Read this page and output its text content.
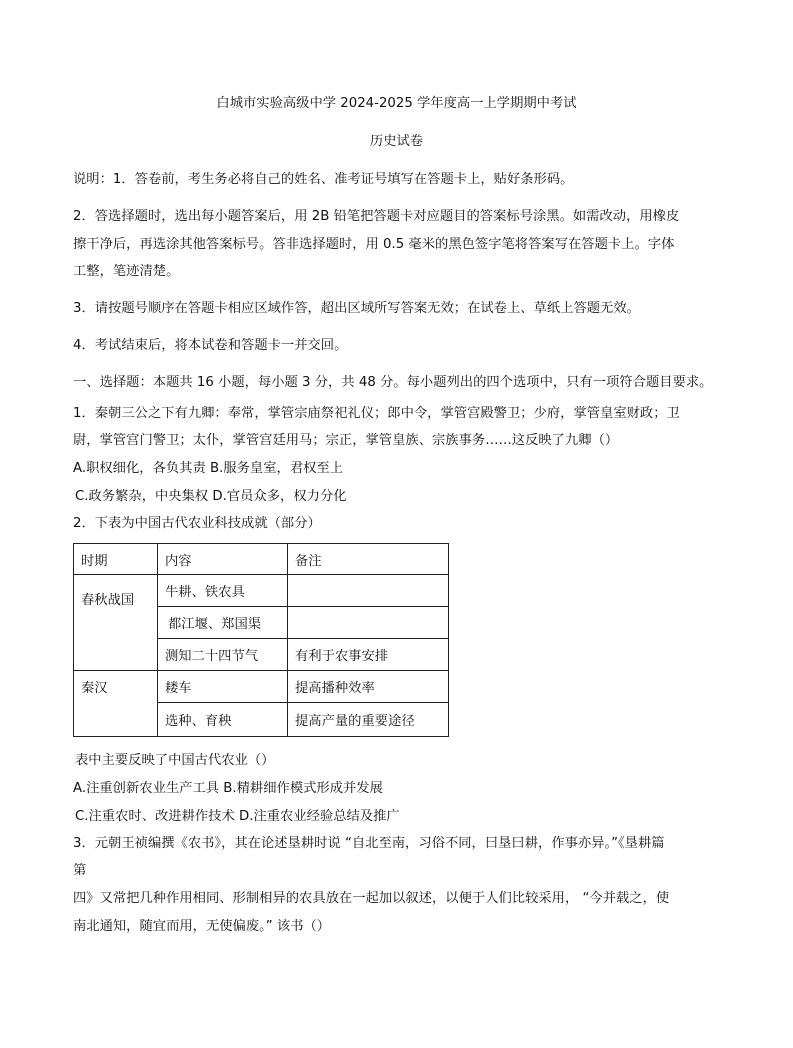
白城市实验高级中学 2024-2025 学年度高一上学期期中考试
历史试卷
说明：1．答卷前，考生务必将自己的姓名、准考证号填写在答题卡上，贴好条形码。
2．答选择题时，选出每小题答案后，用 2B 铅笔把答题卡对应题目的答案标号涂黑。如需改动，用橡皮
擦干净后，再选涂其他答案标号。答非选择题时，用 0.5 毫米的黑色签字笔将答案写在答题卡上。字体
工整，笔迹清楚。
3．请按题号顺序在答题卡相应区域作答，超出区域所写答案无效；在试卷上、草纸上答题无效。
4．考试结束后，将本试卷和答题卡一并交回。
一、选择题：本题共 16 小题，每小题 3 分，共 48 分。每小题列出的四个选项中，只有一项符合题目要求。
1．秦朝三公之下有九卿：奉常，掌管宗庙祭祀礼仪；郎中令，掌管宫殿警卫；少府，掌管皇室财政；卫
尉，掌管宫门警卫；太仆，掌管宫廷用马；宗正，掌管皇族、宗族事务……这反映了九卿（）
A.职权细化，各负其责 B.服务皇室，君权至上
C.政务繁杂，中央集权 D.官员众多，权力分化
2．下表为中国古代农业科技成就（部分）
时期	内容	备注
春秋战国	牛耕、铁农具	
	都江堰、郑国渠	
	测知二十四节气	有利于农事安排
秦汉	耧车	提高播种效率
	选种、育秧	提高产量的重要途径
表中主要反映了中国古代农业（）
A.注重创新农业生产工具 B.精耕细作模式形成并发展
C.注重农时、改进耕作技术 D.注重农业经验总结及推广
3．元朝王祯编撰《农书》，其在论述垦耕时说 “自北至南，习俗不同，曰垦曰耕，作事亦异。”《垦耕篇
第
四》又常把几种作用相同、形制相异的农具放在一起加以叙述，以便于人们比较采用， “今并载之，使
南北通知，随宜而用，无使偏废。” 该书（）
